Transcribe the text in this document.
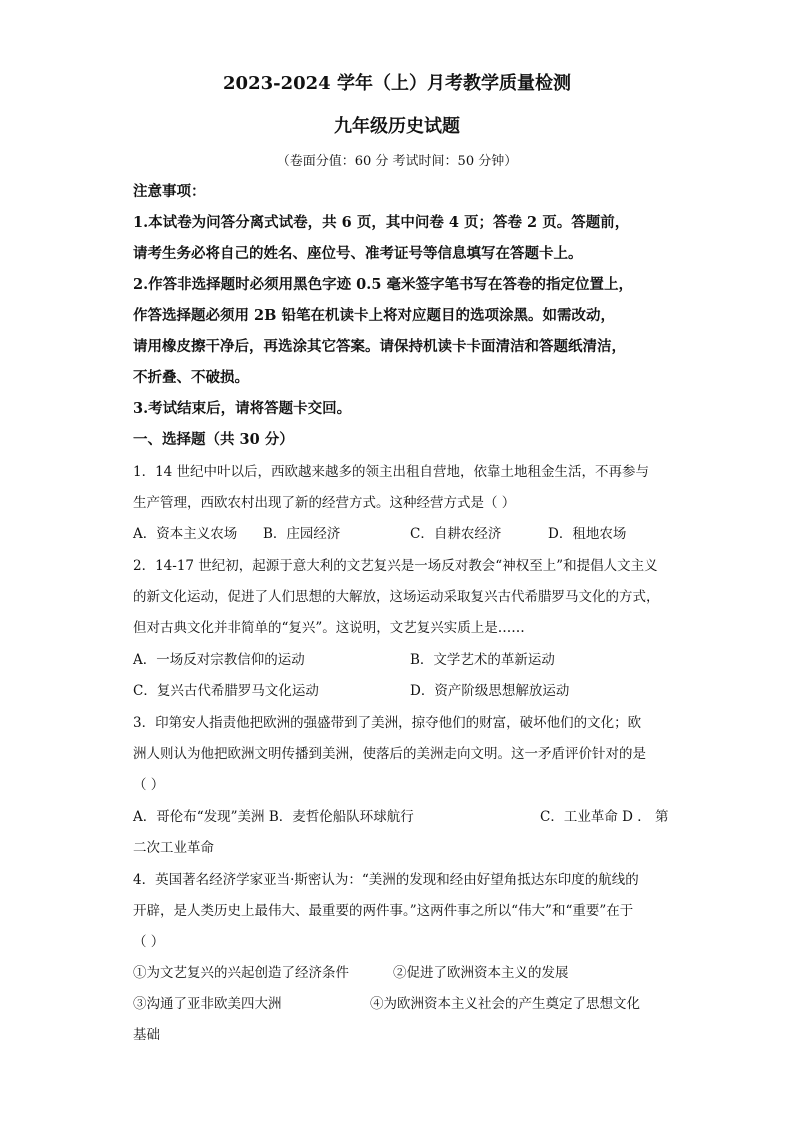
2023-2024 学年（上）月考教学质量检测
九年级历史试题
（卷面分值：60 分 考试时间：50 分钟）
注意事项：
1.本试卷为问答分离式试卷，共 6 页，其中问卷 4 页；答卷 2 页。答题前，
请考生务必将自己的姓名、座位号、准考证号等信息填写在答题卡上。
2.作答非选择题时必须用黑色字迹 0.5 毫米签字笔书写在答卷的指定位置上，
作答选择题必须用 2B 铅笔在机读卡上将对应题目的选项涂黑。如需改动，
请用橡皮擦干净后，再选涂其它答案。请保持机读卡卡面清洁和答题纸清洁，
不折叠、不破损。
3.考试结束后，请将答题卡交回。
一、选择题（共 30 分）
1．14 世纪中叶以后，西欧越来越多的领主出租自营地，依靠土地租金生活，不再参与
生产管理，西欧农村出现了新的经营方式。这种经营方式是（ ）
A．资本主义农场 B．庄园经济	C．自耕农经济	D．租地农场
2．14-17 世纪初，起源于意大利的文艺复兴是一场反对教会“神权至上”和提倡人文主义
的新文化运动，促进了人们思想的大解放，这场运动采取复兴古代希腊罗马文化的方式，
但对古典文化并非简单的“复兴”。这说明，文艺复兴实质上是……
A．一场反对宗教信仰的运动	B．文学艺术的革新运动
C．复兴古代希腊罗马文化运动	D．资产阶级思想解放运动
3．印第安人指责他把欧洲的强盛带到了美洲，掠夺他们的财富，破坏他们的文化；欧
洲人则认为他把欧洲文明传播到美洲，使落后的美洲走向文明。这一矛盾评价针对的是
（ ）
A．哥伦布“发现”美洲 B．麦哲伦船队环球航行	C．工业革命 D ． 第
二次工业革命
4．英国著名经济学家亚当·斯密认为：“美洲的发现和经由好望角抵达东印度的航线的
开辟，是人类历史上最伟大、最重要的两件事。”这两件事之所以“伟大”和“重要”在于
（ ）
①为文艺复兴的兴起创造了经济条件	②促进了欧洲资本主义的发展
③沟通了亚非欧美四大洲	④为欧洲资本主义社会的产生奠定了思想文化
基础
